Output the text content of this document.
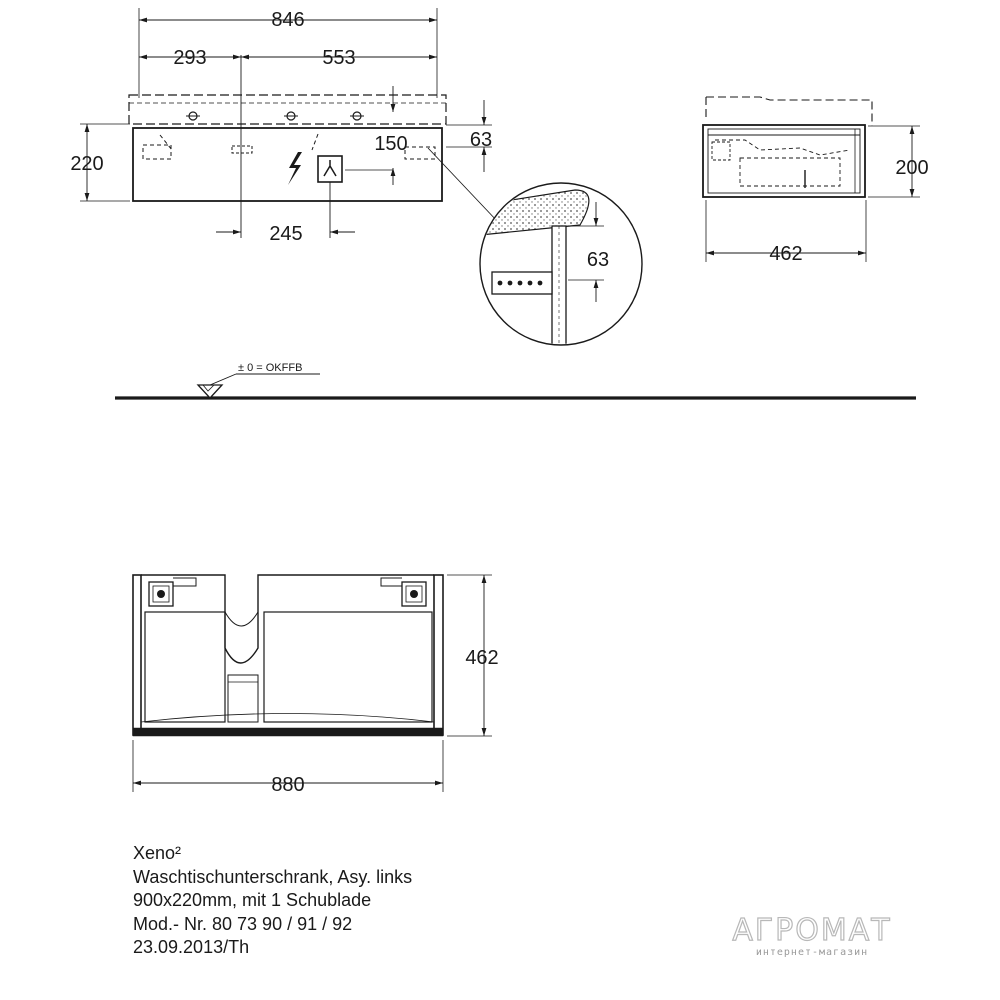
846
293	553
220
63
150
245
63
200
462
± 0 = OKFFB
462
880
Xeno²
Waschtischunterschrank, Asy. links
900x220mm, mit 1 Schublade
Mod.- Nr. 80 73 90 / 91 / 92
23.09.2013/Th	АГРОМАТ
интернет-магазин
